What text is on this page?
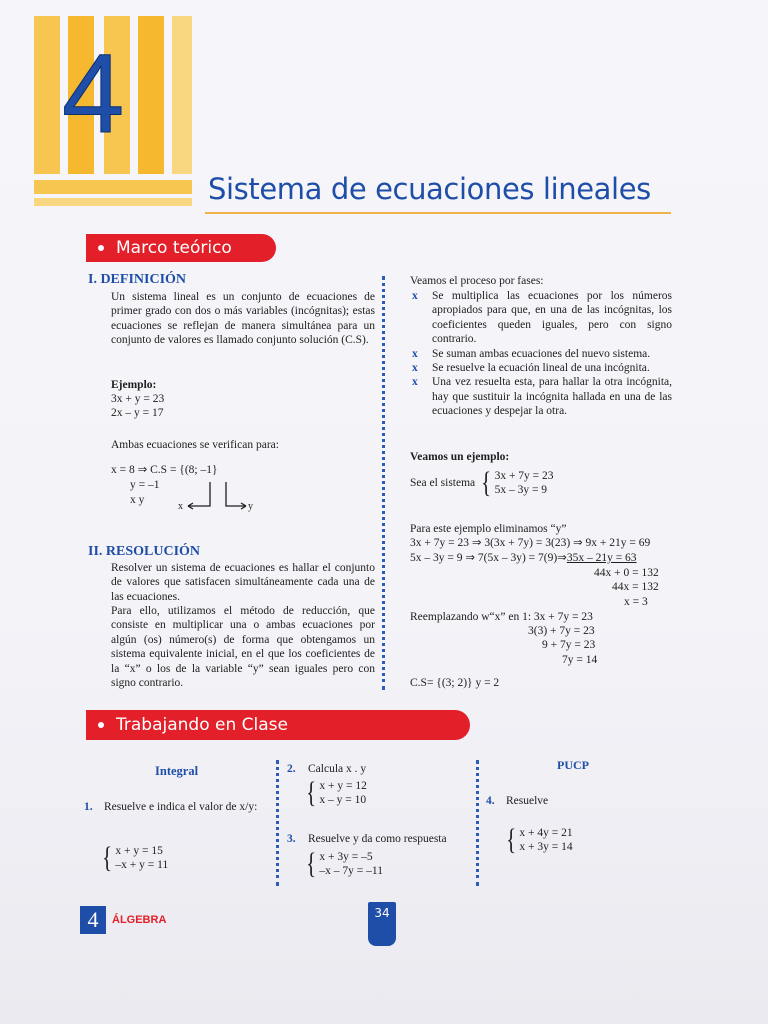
4
Sistema de ecuaciones lineales
Marco teórico
I. DEFINICIÓN
Un sistema lineal es un conjunto de ecuaciones de primer grado con dos o más variables (incógnitas); estas ecuaciones se reflejan de manera simultánea para un conjunto de valores es llamado conjunto solución (C.S).
Ejemplo:
3x + y = 23
2x – y = 17
Ambas ecuaciones se verifican para:
x = 8 ⇒ C.S = {(8; –1}
y = –1
x y
x	y
II. RESOLUCIÓN
Resolver un sistema de ecuaciones es hallar el conjunto de valores que satisfacen simultáneamente cada una de las ecuaciones.
Para ello, utilizamos el método de reducción, que consiste en multiplicar una o ambas ecuaciones por algún (os) número(s) de forma que obtengamos un sistema equivalente inicial, en el que los coeficientes de la “x” o los de la variable “y” sean iguales pero con signo contrario.
Veamos el proceso por fases:
x Se multiplica las ecuaciones por los números apropiados para que, en una de las incógnitas, los coeficientes queden iguales, pero con signo contrario.
x Se suman ambas ecuaciones del nuevo sistema.
x Se resuelve la ecuación lineal de una incógnita.
x Una vez resuelta esta, para hallar la otra incógnita, hay que sustituir la incógnita hallada en una de las ecuaciones y despejar la otra.
Veamos un ejemplo:
Sea el sistema { 3x + 7y = 23
5x – 3y = 9
Para este ejemplo eliminamos “y”
3x + 7y = 23 ⇒ 3(3x + 7y) = 3(23) ⇒ 9x + 21y = 69
5x – 3y = 9 ⇒ 7(5x – 3y) = 7(9)⇒35x – 21y = 63
44x + 0 = 132
44x = 132
x = 3
Reemplazando w“x” en 1: 3x + 7y = 23
3(3) + 7y = 23
9 + 7y = 23
7y = 14
C.S= {(3; 2)} y = 2
Trabajando en Clase
Integral
1. Resuelve e indica el valor de x/y:
{ x + y = 15
–x + y = 11
2. Calcula x . y
{ x + y = 12
x – y = 10
3. Resuelve y da como respuesta
{ x + 3y = –5
–x – 7y = –11
PUCP
4. Resuelve
{ x + 4y = 21
x + 3y = 14
4	ÁLGEBRA	34
